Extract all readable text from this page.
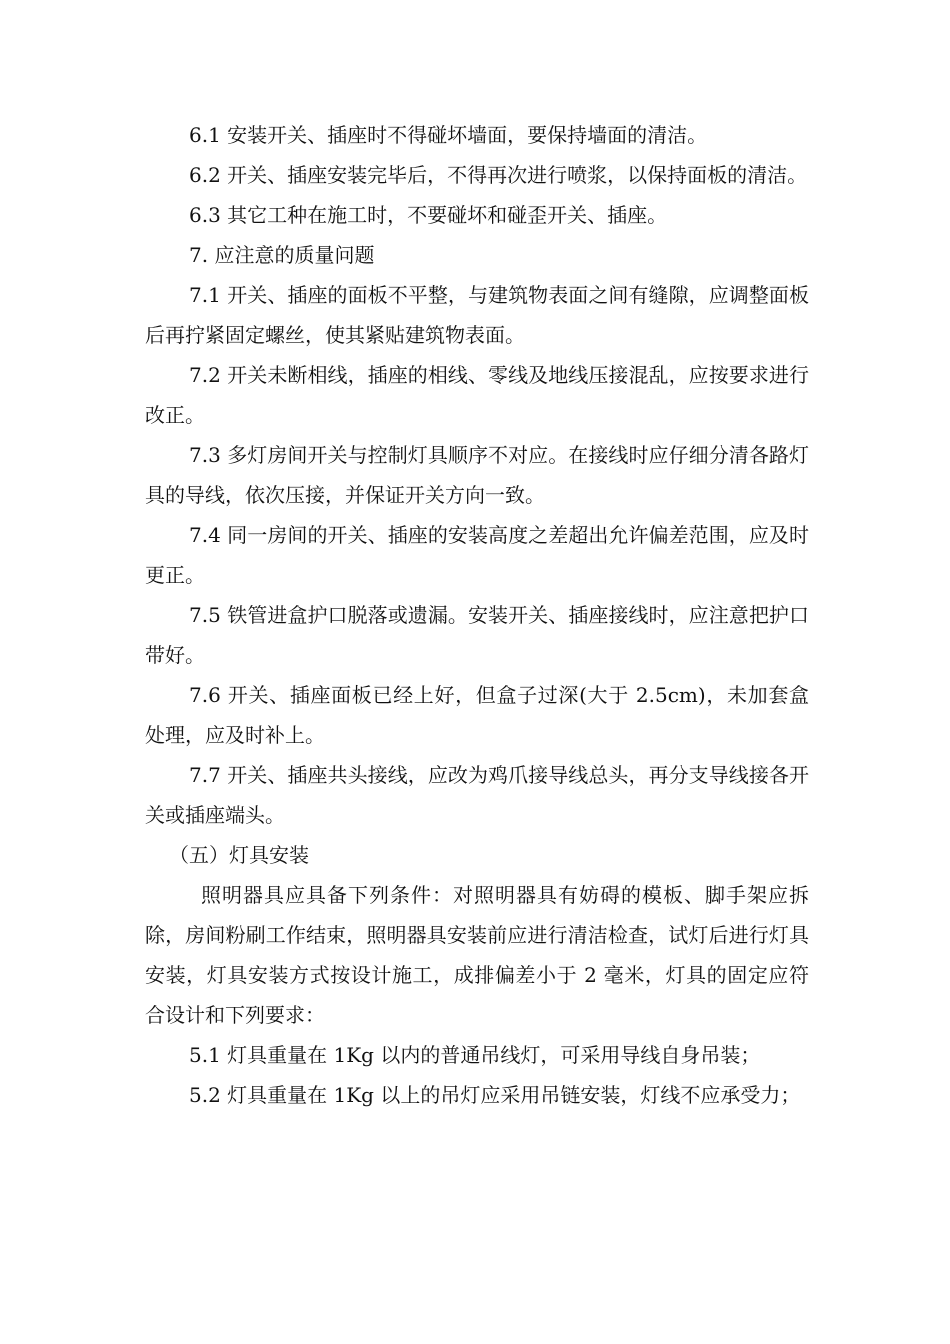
6.1 安装开关、插座时不得碰坏墙面，要保持墙面的清洁。

6.2 开关、插座安装完毕后，不得再次进行喷浆，以保持面板的清洁。

6.3 其它工种在施工时，不要碰坏和碰歪开关、插座。

7. 应注意的质量问题

7.1 开关、插座的面板不平整，与建筑物表面之间有缝隙，应调整面板后再拧紧固定螺丝，使其紧贴建筑物表面。

7.2 开关未断相线，插座的相线、零线及地线压接混乱，应按要求进行改正。

7.3 多灯房间开关与控制灯具顺序不对应。在接线时应仔细分清各路灯具的导线，依次压接，并保证开关方向一致。

7.4 同一房间的开关、插座的安装高度之差超出允许偏差范围，应及时更正。

7.5 铁管进盒护口脱落或遗漏。安装开关、插座接线时，应注意把护口带好。

7.6 开关、插座面板已经上好，但盒子过深(大于 2.5cm)，未加套盒处理，应及时补上。

7.7 开关、插座共头接线，应改为鸡爪接导线总头，再分支导线接各开关或插座端头。

（五）灯具安装

照明器具应具备下列条件：对照明器具有妨碍的模板、脚手架应拆除，房间粉刷工作结束，照明器具安装前应进行清洁检查，试灯后进行灯具安装，灯具安装方式按设计施工，成排偏差小于 2 毫米，灯具的固定应符合设计和下列要求：

5.1 灯具重量在 1Kg 以内的普通吊线灯，可采用导线自身吊装；

5.2 灯具重量在 1Kg 以上的吊灯应采用吊链安装，灯线不应承受力；
